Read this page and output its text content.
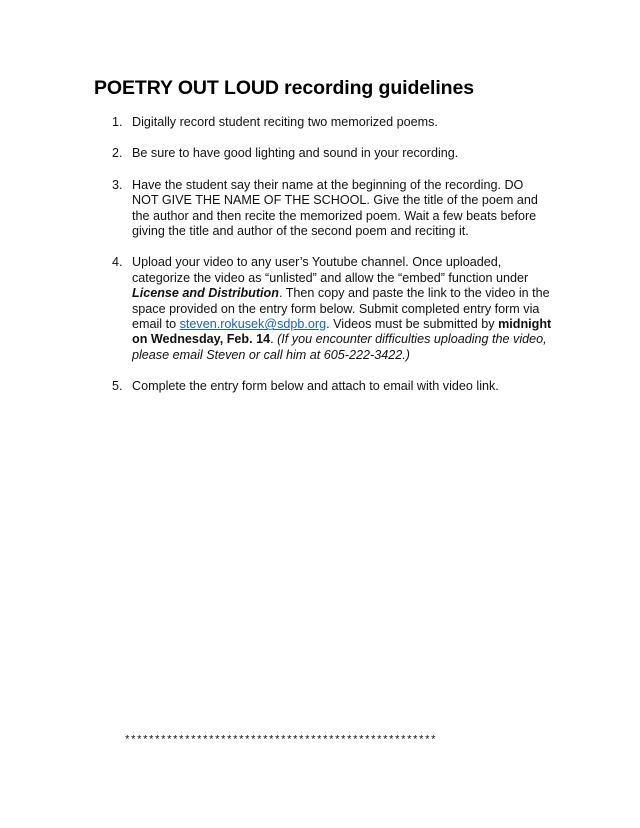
POETRY OUT LOUD recording guidelines
1. Digitally record student reciting two memorized poems.
2. Be sure to have good lighting and sound in your recording.
3. Have the student say their name at the beginning of the recording. DO NOT GIVE THE NAME OF THE SCHOOL. Give the title of the poem and the author and then recite the memorized poem. Wait a few beats before giving the title and author of the second poem and reciting it.
4. Upload your video to any user’s Youtube channel. Once uploaded, categorize the video as “unlisted” and allow the “embed” function under License and Distribution. Then copy and paste the link to the video in the space provided on the entry form below. Submit completed entry form via email to steven.rokusek@sdpb.org. Videos must be submitted by midnight on Wednesday, Feb. 14. (If you encounter difficulties uploading the video, please email Steven or call him at 605-222-3422.)
5. Complete the entry form below and attach to email with video link.
****************************************************
